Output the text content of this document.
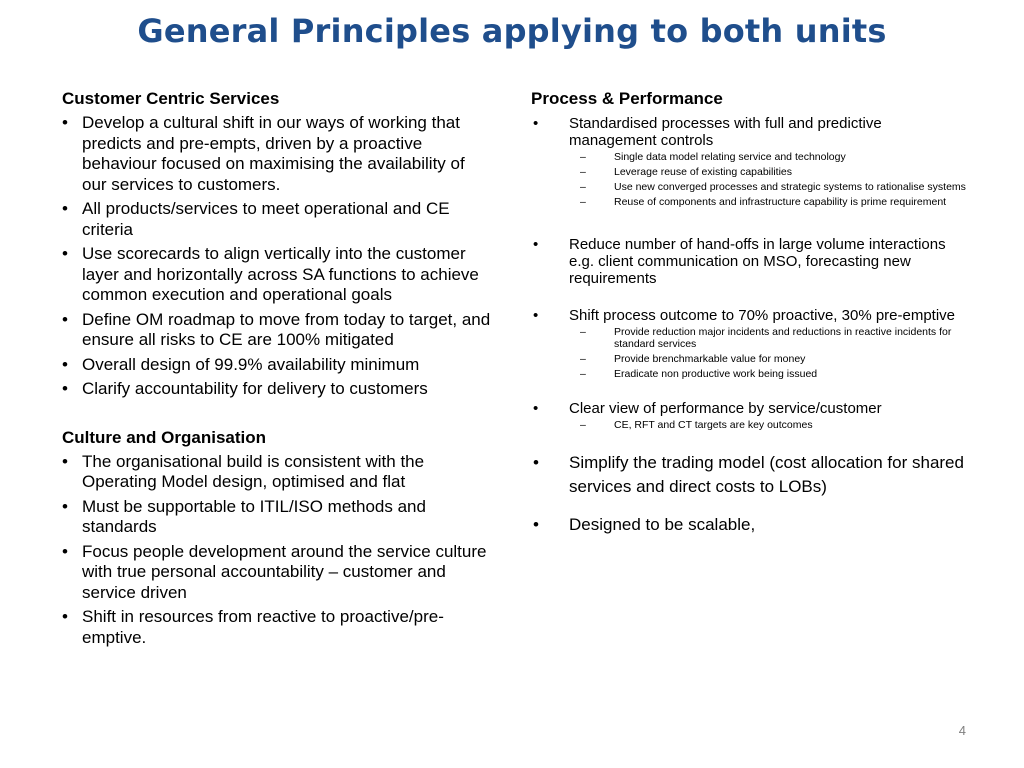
General Principles applying to both units
Customer Centric Services
• Develop a cultural shift in our ways of working that predicts and pre-empts, driven by a proactive behaviour focused on maximising the availability of our services to customers.
• All products/services to meet operational and CE criteria
• Use scorecards to align vertically into the customer layer and horizontally across SA functions to achieve common execution and operational goals
• Define OM roadmap to move from today to target, and ensure all risks to CE are 100% mitigated
• Overall design of 99.9% availability minimum
• Clarify accountability for delivery to customers
Culture and Organisation
• The organisational build is consistent with the Operating Model design, optimised and flat
• Must be supportable to ITIL/ISO methods and standards
• Focus people development around the service culture with true personal accountability – customer and service driven
• Shift in resources from reactive to proactive/pre-emptive.
Process & Performance
• Standardised processes with full and predictive management controls
– Single data model relating service and technology
– Leverage reuse of existing capabilities
– Use new converged processes and strategic systems to rationalise systems
– Reuse of components and infrastructure capability is prime requirement
• Reduce number of hand-offs in large volume interactions e.g. client communication on MSO, forecasting new requirements
• Shift process outcome to 70% proactive, 30% pre-emptive
– Provide reduction major incidents and reductions in reactive incidents for standard services
– Provide brenchmarkable value for money
– Eradicate non productive work being issued
• Clear view of performance by service/customer
– CE, RFT and CT targets are key outcomes
• Simplify the trading model (cost allocation for shared services and direct costs to LOBs)
• Designed to be scalable,
4
